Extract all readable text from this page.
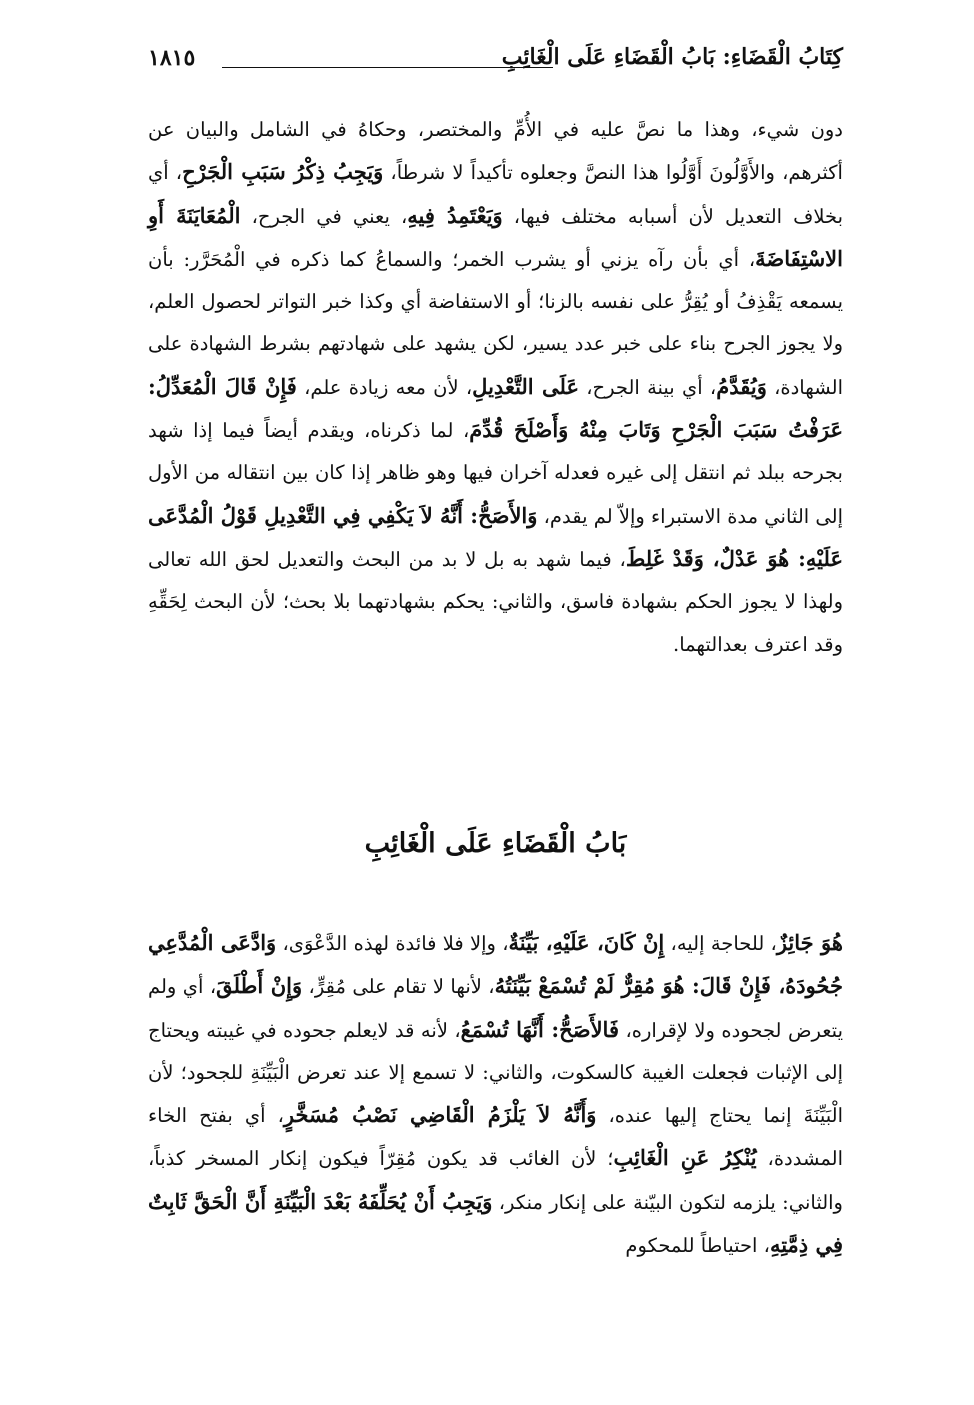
كِتَابُ الْقَضَاءِ: بَابُ الْقَضَاءِ عَلَى الْغَائِبِ
١٨١٥

دون شيء، وهذا ما نصَّ عليه في الأُمِّ والمختصر، وحكاهُ في الشامل والبيان عن أكثرهم، والأَوَّلُونَ أَوَّلُوا هذا النصَّ وجعلوه تأكيداً لا شرطاً، وَيَجِبُ ذِكْرُ سَبَبِ الْجَرْحِ، أي بخلاف التعديل لأن أسبابه مختلف فيها، وَيَعْتَمِدُ فِيهِ، يعني في الجرح، الْمُعَايَنَةَ أَوِ الاسْتِفَاضَةَ، أي بأن رآه يزني أو يشرب الخمر؛ والسماعُ كما ذكره في الْمُحَرَّر: بأن يسمعه يَقْذِفُ أو يُقِرُّ على نفسه بالزنا؛ أو الاستفاضة أي وكذا خبر التواتر لحصول العلم، ولا يجوز الجرح بناء على خبر عدد يسير، لكن يشهد على شهادتهم بشرط الشهادة على الشهادة، وَيُقَدَّمُ، أي بينة الجرح، عَلَى التَّعْدِيلِ، لأن معه زيادة علم، فَإِنْ قَالَ الْمُعَدِّلُ: عَرَفْتُ سَبَبَ الْجَرْحِ وَتَابَ مِنْهُ وَأَصْلَحَ قُدِّمَ، لما ذكرناه، ويقدم أيضاً فيما إذا شهد بجرحه ببلد ثم انتقل إلى غيره فعدله آخران فيها وهو ظاهر إذا كان بين انتقاله من الأول إلى الثاني مدة الاستبراء وإلاّ لم يقدم، وَالأَصَحُّ: أَنَّهُ لاَ يَكْفِي فِي التَّعْدِيلِ قَوْلُ الْمُدَّعَى عَلَيْهِ: هُوَ عَدْلٌ، وَقَدْ غَلِطَ، فيما شهد به بل لا بد من البحث والتعديل لحق الله تعالى ولهذا لا يجوز الحكم بشهادة فاسق، والثاني: يحكم بشهادتهما بلا بحث؛ لأن البحث لِحَقِّهِ وقد اعترف بعدالتهما.

بَابُ الْقَضَاءِ عَلَى الْغَائِبِ

هُوَ جَائِزٌ، للحاجة إليه، إِنْ كَانَ، عَلَيْهِ، بَيِّنَةٌ، وإلا فلا فائدة لهذه الدَّعْوَى، وَادَّعَى الْمُدَّعِي جُحُودَهُ، فَإِنْ قَالَ: هُوَ مُقِرٌّ لَمْ تُسْمَعْ بَيِّنَتُهُ، لأنها لا تقام على مُقِرٍّ، وَإِنْ أَطْلَقَ، أي ولم يتعرض لجحوده ولا لإقراره، فَالأَصَحُّ: أَنَّهَا تُسْمَعُ، لأنه قد لايعلم جحوده في غيبته ويحتاج إلى الإثبات فجعلت الغيبة كالسكوت، والثاني: لا تسمع إلا عند تعرض الْبَيِّنَةِ للجحود؛ لأن الْبَيِّنَةَ إنما يحتاج إليها عنده، وَأَنَّهُ لاَ يَلْزَمُ الْقَاضِي نَصْبُ مُسَخَّرٍ، أي بفتح الخاء المشددة، يُنْكِرُ عَنِ الْغَائِبِ؛ لأن الغائب قد يكون مُقِرّاً فيكون إنكار المسخر كذباً، والثاني: يلزمه لتكون البيّنة على إنكار منكر، وَيَجِبُ أَنْ يُحَلِّفَهُ بَعْدَ الْبَيِّنَةِ أَنَّ الْحَقَّ ثَابِتٌ فِي ذِمَّتِهِ، احتياطاً للمحكوم
